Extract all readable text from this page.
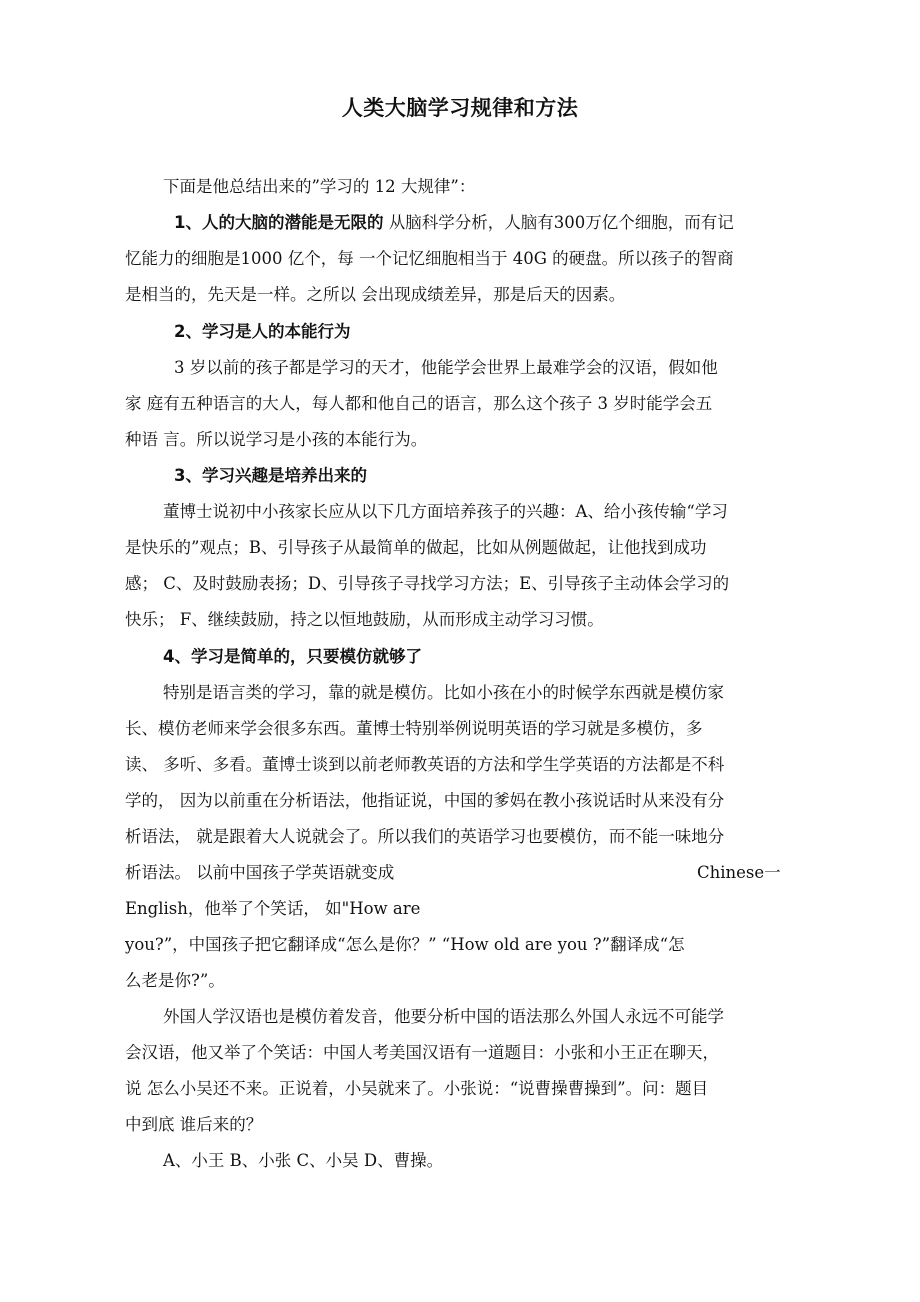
人类大脑学习规律和方法
下面是他总结出来的”学习的 12 大规律”：
1、人的大脑的潜能是无限的 从脑科学分析，人脑有300万亿个细胞，而有记
忆能力的细胞是1000 亿个，每 一个记忆细胞相当于 40G 的硬盘。所以孩子的智商
是相当的，先天是一样。之所以 会出现成绩差异，那是后天的因素。
2、学习是人的本能行为
3 岁以前的孩子都是学习的天才，他能学会世界上最难学会的汉语，假如他
家 庭有五种语言的大人，每人都和他自己的语言，那么这个孩子 3 岁时能学会五
种语 言。所以说学习是小孩的本能行为。
3、学习兴趣是培养出来的
董博士说初中小孩家长应从以下几方面培养孩子的兴趣：A、给小孩传输“学习
是快乐的”观点；B、引导孩子从最简单的做起，比如从例题做起，让他找到成功
感； C、及时鼓励表扬；D、引导孩子寻找学习方法；E、引导孩子主动体会学习的
快乐； F、继续鼓励，持之以恒地鼓励，从而形成主动学习习惯。
4、学习是简单的，只要模仿就够了
特别是语言类的学习，靠的就是模仿。比如小孩在小的时候学东西就是模仿家
长、模仿老师来学会很多东西。董博士特别举例说明英语的学习就是多模仿，多
读、 多听、多看。董博士谈到以前老师教英语的方法和学生学英语的方法都是不科
学的， 因为以前重在分析语法，他指证说，中国的爹妈在教小孩说话时从来没有分
析语法， 就是跟着大人说就会了。所以我们的英语学习也要模仿，而不能一味地分
析语法。 以前中国孩子学英语就变成	Chinese一
English，他举了个笑话， 如"How are
you?”，中国孩子把它翻译成“怎么是你？” “How old are you ?”翻译成“怎
么老是你?”。
外国人学汉语也是模仿着发音，他要分析中国的语法那么外国人永远不可能学
会汉语，他又举了个笑话：中国人考美国汉语有一道题目：小张和小王正在聊天，
说 怎么小吴还不来。正说着，小吴就来了。小张说：“说曹操曹操到”。问：题目
中到底 谁后来的？
A、小王 B、小张 C、小吴 D、曹操。
